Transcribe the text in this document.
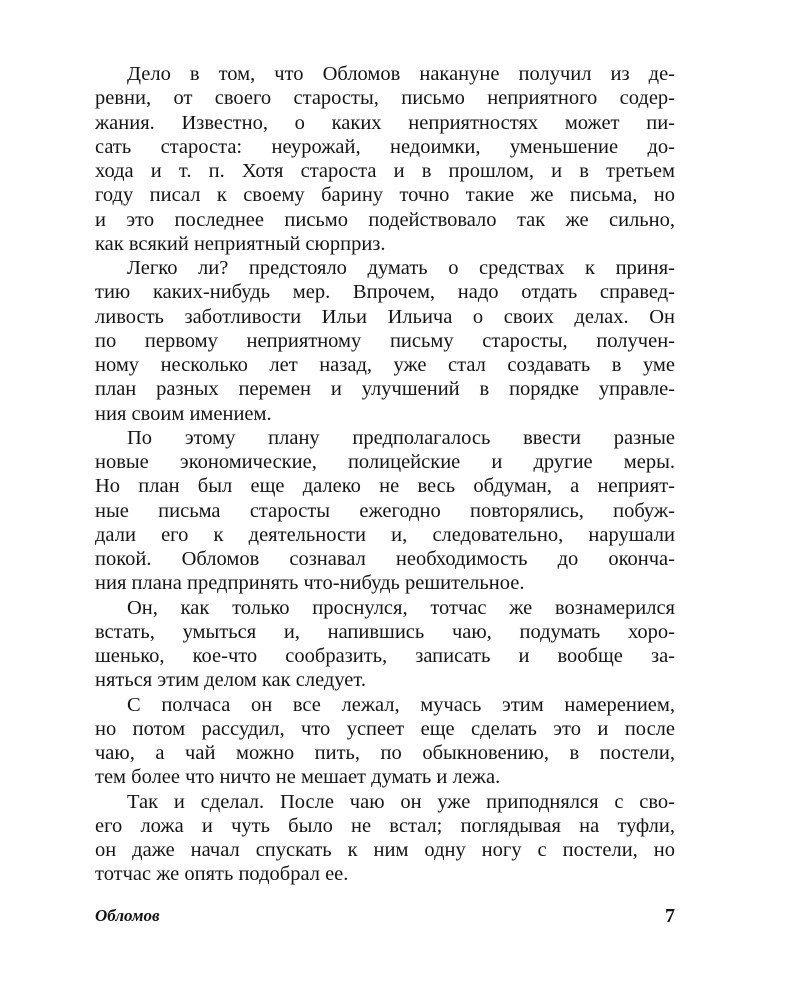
Дело в том, что Обломов накануне получил из де-
ревни, от своего старосты, письмо неприятного содер-
жания. Известно, о каких неприятностях может пи-
сать староста: неурожай, недоимки, уменьшение до-
хода и т. п. Хотя староста и в прошлом, и в третьем
году писал к своему барину точно такие же письма, но
и это последнее письмо подействовало так же сильно,
как всякий неприятный сюрприз.
Легко ли? предстояло думать о средствах к приня-
тию каких-нибудь мер. Впрочем, надо отдать справед-
ливость заботливости Ильи Ильича о своих делах. Он
по первому неприятному письму старосты, получен-
ному несколько лет назад, уже стал создавать в уме
план разных перемен и улучшений в порядке управле-
ния своим имением.
По этому плану предполагалось ввести разные
новые экономические, полицейские и другие меры.
Но план был еще далеко не весь обдуман, а неприят-
ные письма старосты ежегодно повторялись, побуж-
дали его к деятельности и, следовательно, нарушали
покой. Обломов сознавал необходимость до оконча-
ния плана предпринять что-нибудь решительное.
Он, как только проснулся, тотчас же вознамерился
встать, умыться и, напившись чаю, подумать хоро-
шенько, кое-что сообразить, записать и вообще за-
няться этим делом как следует.
С полчаса он все лежал, мучась этим намерением,
но потом рассудил, что успеет еще сделать это и после
чаю, а чай можно пить, по обыкновению, в постели,
тем более что ничто не мешает думать и лежа.
Так и сделал. После чаю он уже приподнялся с сво-
его ложа и чуть было не встал; поглядывая на туфли,
он даже начал спускать к ним одну ногу с постели, но
тотчас же опять подобрал ее.
Обломов	7
